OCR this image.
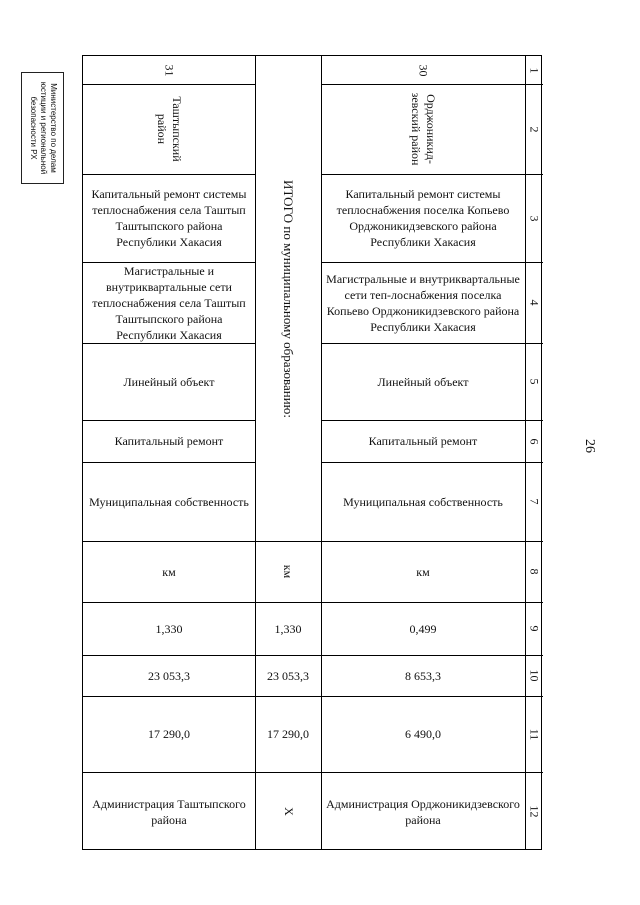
Министерство по делам юстиции и региональной безопасности РХ
26
1
2
3
4
5
6
7
8
9
10
11
12
30
Орджоникид-зевский район
Капитальный ремонт системы теплоснабжения поселка Копьево Орджоникидзевского района Республики Хакасия
Магистральные и внутриквартальные сети теп-лоснабжения поселка Копьево Орджоникидзевского района Республики Хакасия
Линейный объект
Капитальный ремонт
Муниципальная собственность
км
0,499
8 653,3
6 490,0
Администрация Орджоникидзевского района
ИТОГО по муниципальному образованию:
км
1,330
23 053,3
17 290,0
Х
31
Таштыпский район
Капитальный ремонт системы теплоснабжения села Таштып Таштыпского района Республики Хакасия
Магистральные и внутриквартальные сети теплоснабжения села Таштып Таштыпского района Республики Хакасия
Линейный объект
Капитальный ремонт
Муниципальная собственность
км
1,330
23 053,3
17 290,0
Администрация Таштыпского района
